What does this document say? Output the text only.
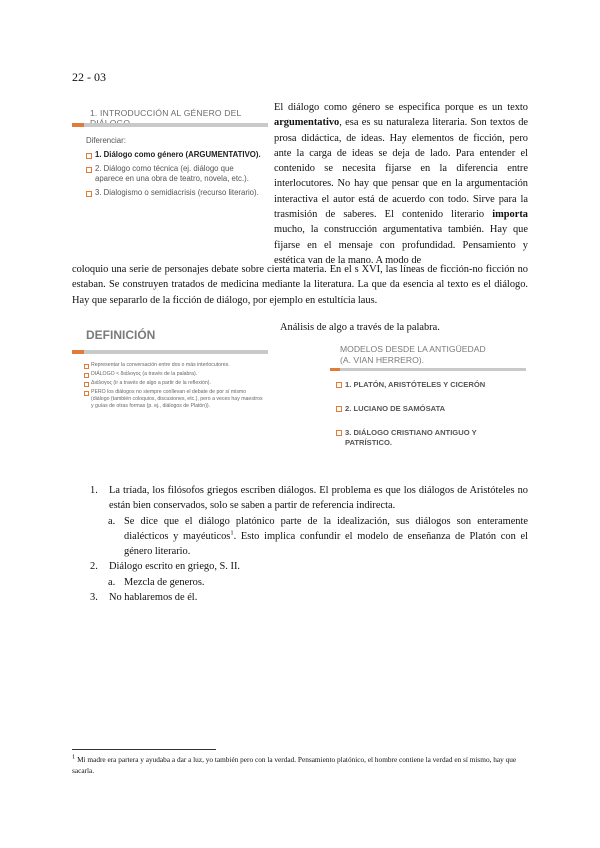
22 - 03
1. INTRODUCCIÓN AL GÉNERO DEL
Diferenciar:
1. Diálogo como género (ARGUMENTATIVO).
2. Diálogo como técnica (ej. diálogo que aparece en una obra de teatro, novela, etc.).
3. Dialogismo o semidiacrisis (recurso literario).
El diálogo como género se especifica porque es un texto argumentativo, esa es su naturaleza literaria. Son textos de prosa didáctica, de ideas. Hay elementos de ficción, pero ante la carga de ideas se deja de lado. Para entender el contenido se necesita fijarse en la diferencia entre interlocutores. No hay que pensar que en la argumentación interactiva el autor está de acuerdo con todo. Sirve para la trasmisión de saberes. El contenido literario importa mucho, la construcción argumentativa también. Hay que fijarse en el mensaje con profundidad. Pensamiento y estética van de la mano. A modo de
coloquio una serie de personajes debate sobre cierta materia. En el s XVI, las líneas de ficción-no ficción no estaban. Se construyen tratados de medicina mediante la literatura. La que da esencia al texto es el diálogo. Hay que separarlo de la ficción de diálogo, por ejemplo en estultícia laus.
DEFINICIÓN
Representar la conversación entre dos o más interlocutores.
DIÁLOGO < διάλογος (a través de la palabra).
Διάλογος (ir a través de algo a partir de la reflexión).
PERO los diálogos no siempre conllevan el debate de por sí mismo (diálogo (también coloquios, discusiones, etc.), pero a veces hay maestros y guías de otras formas (p. ej., diálogos de Platón)).
Análisis de algo a través de la palabra.
MODELOS DESDE LA ANTIGÜEDAD
(A. VIAN HERRERO).
1. PLATÓN, ARISTÓTELES Y CICERÓN
2. LUCIANO DE SAMÓSATA
3. DIÁLOGO CRISTIANO ANTIGUO Y PATRÍSTICO.
1. La tríada, los filósofos griegos escriben diálogos. El problema es que los diálogos de Aristóteles no están bien conservados, solo se saben a partir de referencia indirecta.
a. Se dice que el diálogo platónico parte de la idealización, sus diálogos son enteramente dialécticos y mayéuticos$^1$. Esto implica confundir el modelo de enseñanza de Platón con el género literario.
2. Diálogo escrito en griego, S. II.
a. Mezcla de generos.
3. No hablaremos de él.
$^1$ Mi madre era partera y ayudaba a dar a luz, yo también pero con la verdad. Pensamiento platónico, el hombre contiene la verdad en sí mismo, hay que sacarla.
